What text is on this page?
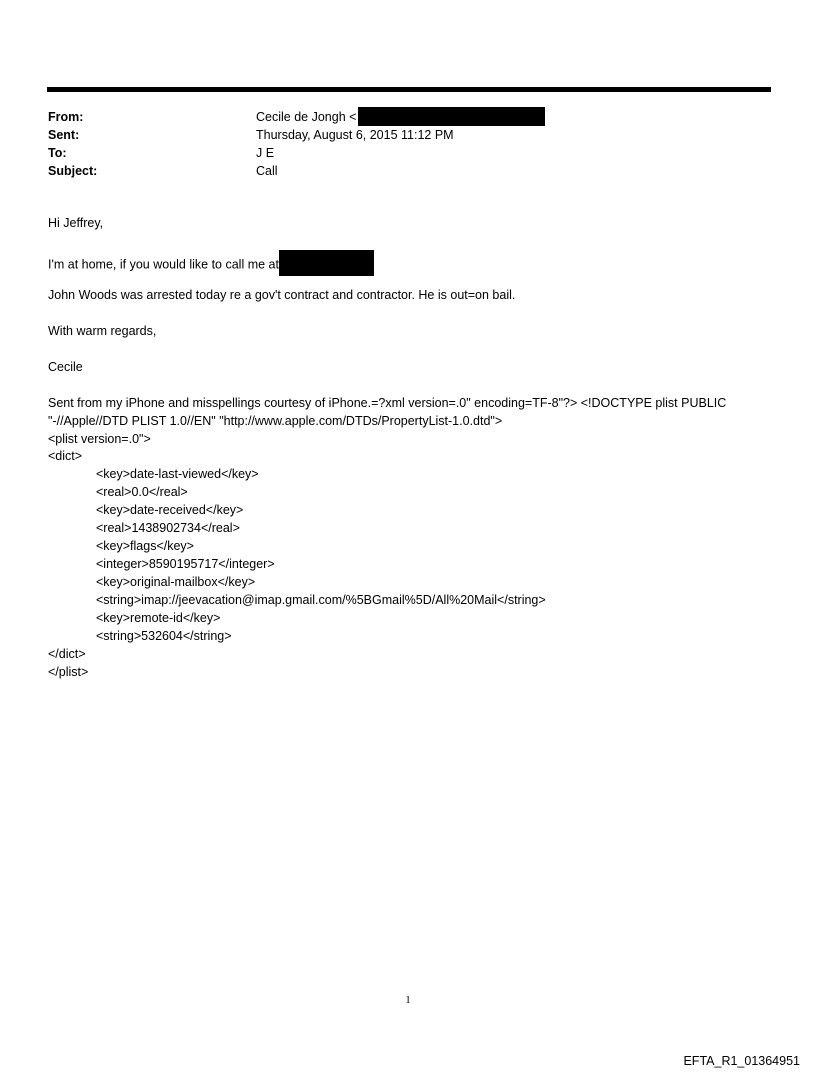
From:	Cecile de Jongh <
Sent:	Thursday, August 6, 2015 11:12 PM
To:	J E
Subject:	Call
Hi Jeffrey,
I'm at home, if you would like to call me at
John Woods was arrested today re a gov't contract and contractor. He is out=on bail.
With warm regards,
Cecile
Sent from my iPhone and misspellings courtesy of iPhone.=?xml version=.0" encoding=TF-8"?> <!DOCTYPE plist PUBLIC
"-//Apple//DTD PLIST 1.0//EN" "http://www.apple.com/DTDs/PropertyList-1.0.dtd">
<plist version=.0">
<dict>
<key>date-last-viewed</key>
<real>0.0</real>
<key>date-received</key>
<real>1438902734</real>
<key>flags</key>
<integer>8590195717</integer>
<key>original-mailbox</key>
<string>imap://jeevacation@imap.gmail.com/%5BGmail%5D/All%20Mail</string>
<key>remote-id</key>
<string>532604</string>
</dict>
</plist>
1
EFTA_R1_01364951
